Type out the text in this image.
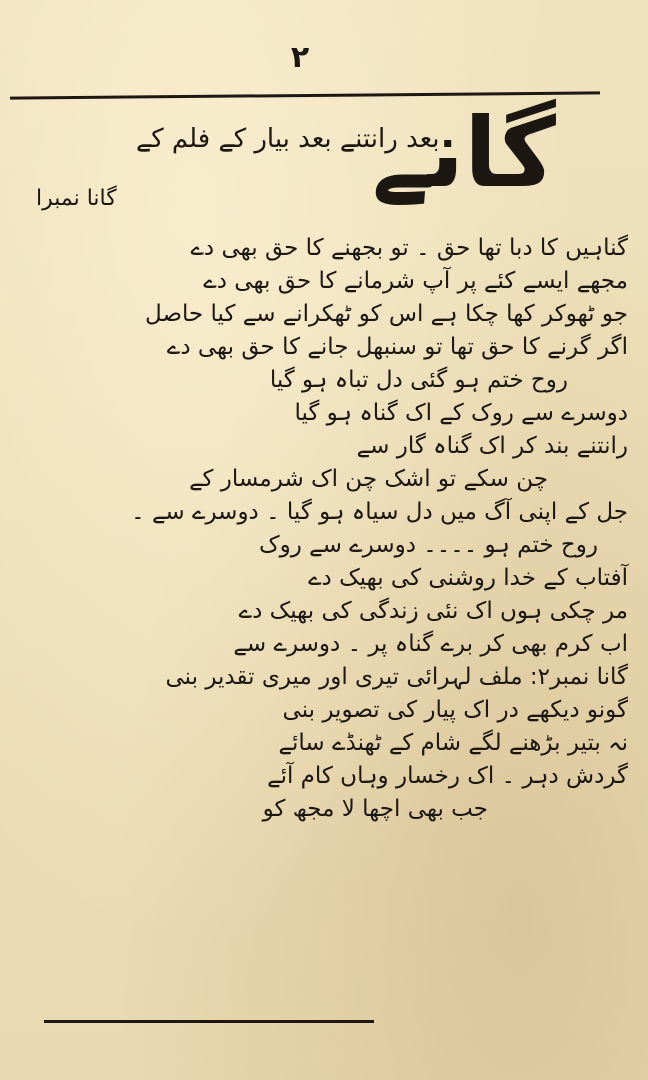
۲
گانے
بعد رانتنے بعد بیار کے فلم کے
گانا نمبرا
گناہیں کا دبا تھا حق ۔ تو بجھنے کا حق بھی دے
مجھے ایسے کئے پر آپ شرمانے کا حق بھی دے
جو ٹھوکر کھا چکا ہے اس کو ٹھکرانے سے کیا حاصل
اگر گرنے کا حق تھا تو سنبھل جانے کا حق بھی دے
روح ختم ہو گئی دل تباہ ہو گیا
دوسرے سے روک کے اک گناہ ہو گیا
رانتنے بند کر اک گناہ گار سے
چن سکے تو اشک چن اک شرمسار کے
جل کے اپنی آگ میں دل سیاہ ہو گیا ۔ دوسرے سے ۔
روح ختم ہو ۔۔۔۔ دوسرے سے روک
آفتاب کے خدا روشنی کی بھیک دے
مر چکی ہوں اک نئی زندگی کی بھیک دے
اب کرم بھی کر برے گناہ پر ۔ دوسرے سے
گانا نمبر۲: ملف لہرائی تیری اور میری تقدیر بنی
گونو دیکھے در اک پیار کی تصویر بنی
نہ بتیر بڑھنے لگے شام کے ٹھنڈے سائے
گردش دہر ۔ اک رخسار وہاں کام آئے
جب بھی اچھا لا مجھ کو
